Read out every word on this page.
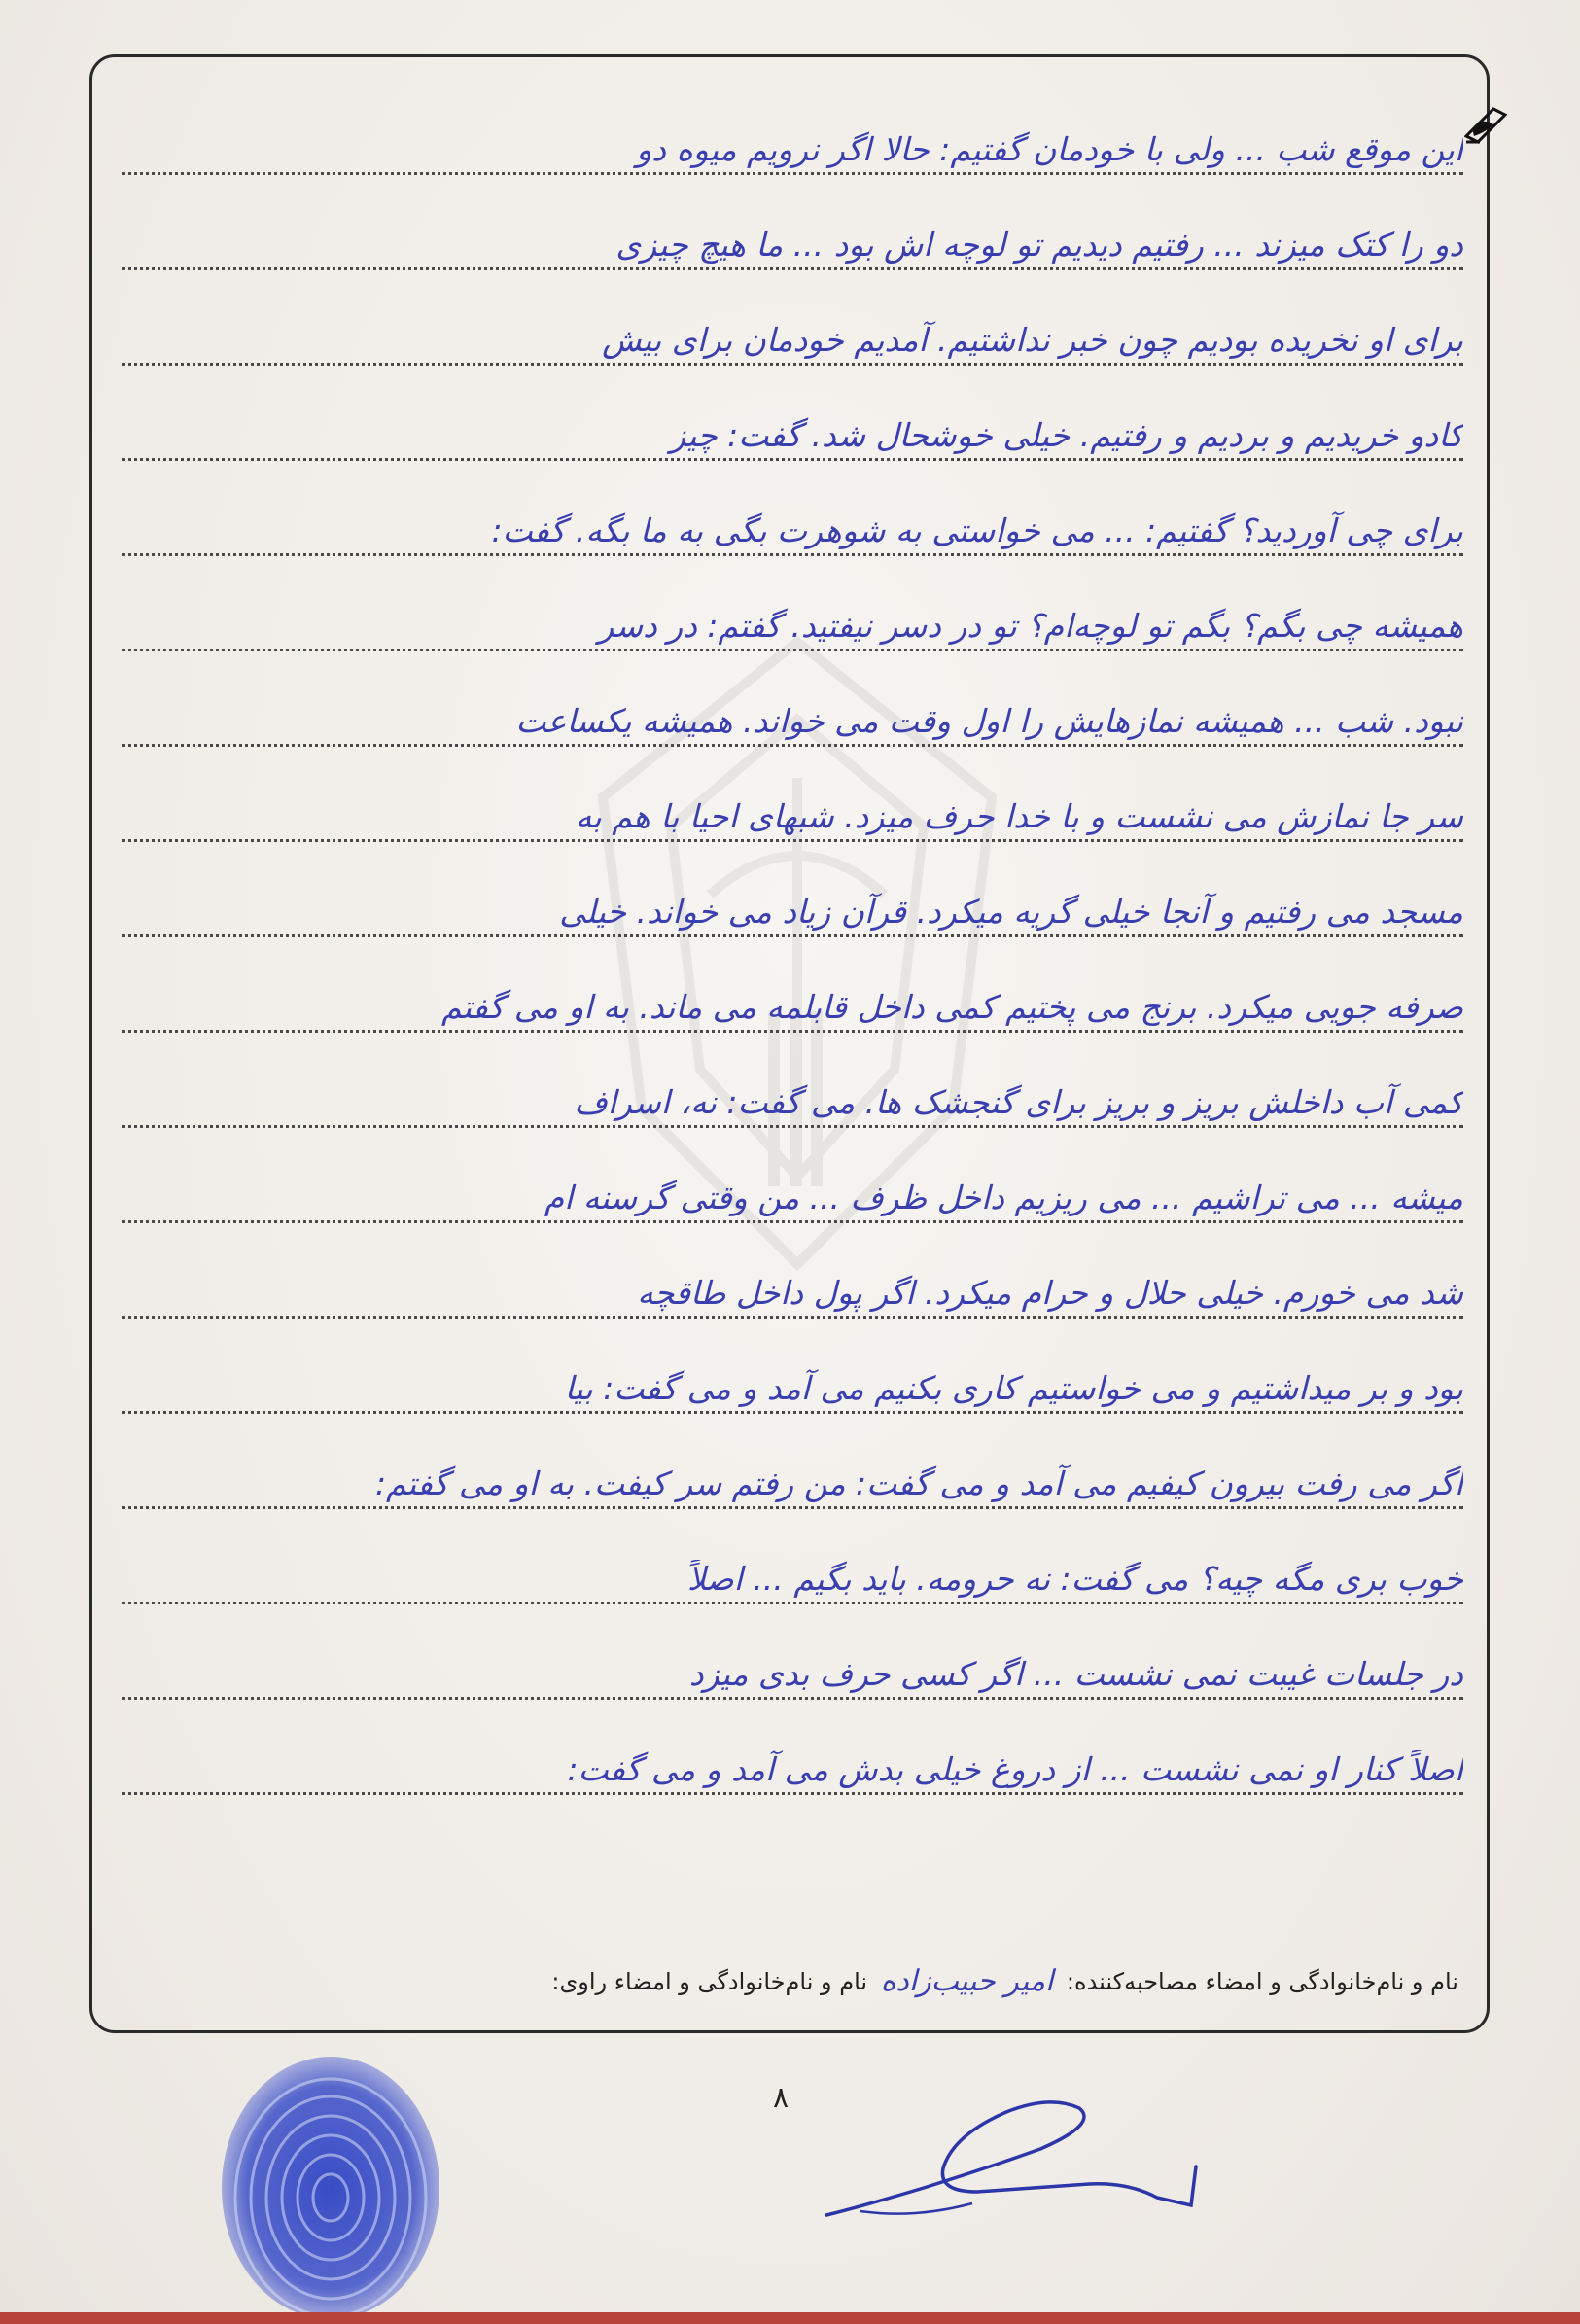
این موقع شب ... ولی با خودمان گفتیم: حالا اگر نرویم میوه دو
دو را کتک میزند ... رفتیم دیدیم تو لوچه اش بود ... ما هیچ چیزی
برای او نخریده بودیم چون خبر نداشتیم. آمدیم خودمان برای بیش
کادو خریدیم و بردیم و رفتیم. خیلی خوشحال شد. گفت: چیز
برای چی آوردید؟ گفتیم: ... می خواستی به شوهرت بگی به ما بگه. گفت:
همیشه چی بگم؟ بگم تو لوچه‌ام؟ تو در دسر نیفتید. گفتم: در دسر
نبود. شب ... همیشه نمازهایش را اول وقت می خواند. همیشه یکساعت
سر جا نمازش می نشست و با خدا حرف میزد. شبهای احیا با هم به
مسجد می رفتیم و آنجا خیلی گریه میکرد. قرآن زیاد می خواند. خیلی
صرفه جویی میکرد. برنج می پختیم کمی داخل قابلمه می ماند. به او می گفتم
کمی آب داخلش بریز و بریز برای گنجشک ها. می گفت: نه، اسراف
میشه ... می تراشیم ... می ریزیم داخل ظرف ... من وقتی گرسنه ام
شد می خورم. خیلی حلال و حرام میکرد. اگر پول داخل طاقچه
بود و بر میداشتیم و می خواستیم کاری بکنیم می آمد و می گفت: بیا
اگر می رفت بیرون کیفیم می آمد و می گفت: من رفتم سر کیفت. به او می گفتم:
خوب بری مگه چیه؟ می گفت: نه حرومه. باید بگیم ... اصلاً
در جلسات غیبت نمی نشست ... اگر کسی حرف بدی میزد
اصلاً کنار او نمی نشست ... از دروغ خیلی بدش می آمد و می گفت:
نام و نام‌خانوادگی و امضاء مصاحبه‌کننده: امیر حبیب‌زاده نام و نام‌خانوادگی و امضاء راوی:
۸
